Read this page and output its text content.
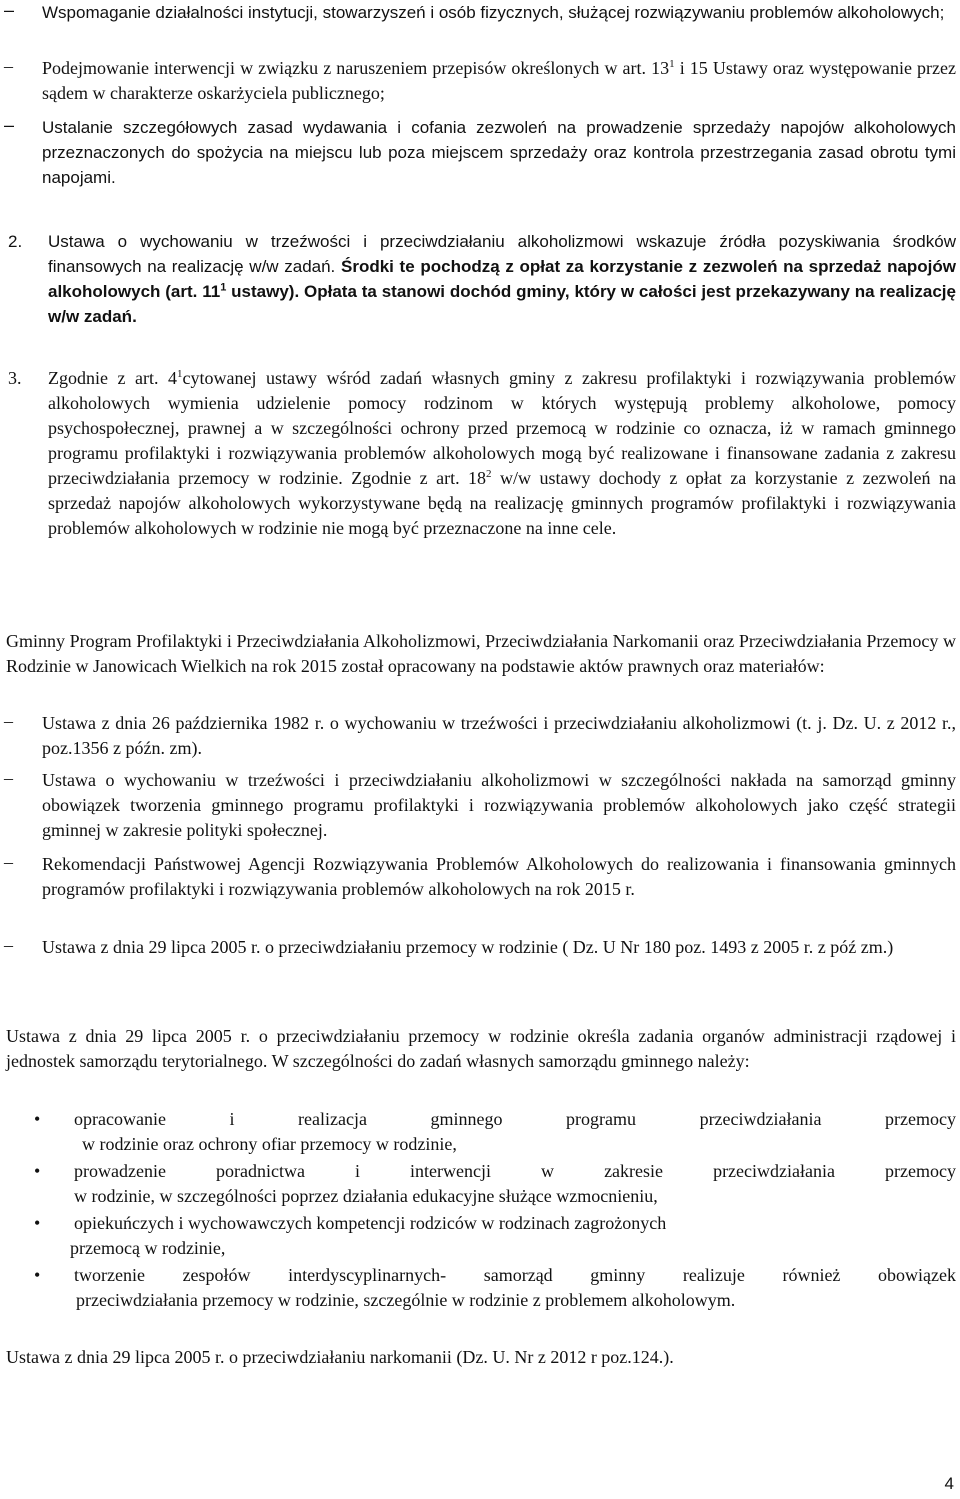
–	Wspomaganie działalności instytucji, stowarzyszeń i osób fizycznych, służącej rozwiązywaniu problemów alkoholowych;

–	Podejmowanie interwencji w związku z naruszeniem przepisów określonych w art. $13^1$ i 15 Ustawy oraz występowanie przez sądem w charakterze oskarżyciela publicznego;

–	Ustalanie szczegółowych zasad wydawania i cofania zezwoleń na prowadzenie sprzedaży napojów alkoholowych przeznaczonych do spożycia na miejscu lub poza miejscem sprzedaży oraz kontrola przestrzegania zasad obrotu tymi napojami.

2. Ustawa o wychowaniu w trzeźwości i przeciwdziałaniu alkoholizmowi wskazuje źródła pozyskiwania środków finansowych na realizację w/w zadań. Środki te pochodzą z opłat za korzystanie z zezwoleń na sprzedaż napojów alkoholowych (art. $11^1$ ustawy). Opłata ta stanowi dochód gminy, który w całości jest przekazywany na realizację w/w zadań.

3. Zgodnie z art. $4^1cytowanej$ ustawy wśród zadań własnych gminy z zakresu profilaktyki i rozwiązywania problemów alkoholowych wymienia udzielenie pomocy rodzinom w których występują problemy alkoholowe, pomocy psychospołecznej, prawnej a w szczególności ochrony przed przemocą w rodzinie co oznacza, iż w ramach gminnego programu profilaktyki i rozwiązywania problemów alkoholowych mogą być realizowane i finansowane zadania z zakresu przeciwdziałania przemocy w rodzinie. Zgodnie z art. $18^2$ w/w ustawy dochody z opłat za korzystanie z zezwoleń na sprzedaż napojów alkoholowych wykorzystywane będą na realizację gminnych programów profilaktyki i rozwiązywania problemów alkoholowych w rodzinie nie mogą być przeznaczone na inne cele.

Gminny Program Profilaktyki i Przeciwdziałania Alkoholizmowi, Przeciwdziałania Narkomanii oraz Przeciwdziałania Przemocy w Rodzinie w Janowicach Wielkich na rok 2015 został opracowany na podstawie aktów prawnych oraz materiałów:

–	Ustawa z dnia 26 października 1982 r. o wychowaniu w trzeźwości i przeciwdziałaniu alkoholizmowi (t. j. Dz. U. z 2012 r., poz.1356 z późn. zm).

–	Ustawa o wychowaniu w trzeźwości i przeciwdziałaniu alkoholizmowi w szczególności nakłada na samorząd gminny obowiązek tworzenia gminnego programu profilaktyki i rozwiązywania problemów alkoholowych jako część strategii gminnej w zakresie polityki społecznej.

–	Rekomendacji Państwowej Agencji Rozwiązywania Problemów Alkoholowych do realizowania i finansowania gminnych programów profilaktyki i rozwiązywania problemów alkoholowych na rok 2015 r.

–	Ustawa z dnia 29 lipca 2005 r. o przeciwdziałaniu przemocy w rodzinie ( Dz. U Nr 180 poz. 1493 z 2005 r. z póź zm.)

Ustawa z dnia 29 lipca 2005 r. o przeciwdziałaniu przemocy w rodzinie określa zadania organów administracji rządowej i jednostek samorządu terytorialnego. W szczególności do zadań własnych samorządu gminnego należy:

• opracowanie i realizacja gminnego programu przeciwdziałania przemocy

w rodzinie oraz ochrony ofiar przemocy w rodzinie,

• prowadzenie poradnictwa i interwencji w zakresie przeciwdziałania przemocy

w rodzinie, w szczególności poprzez działania edukacyjne służące wzmocnieniu,

• opiekuńczych i wychowawczych kompetencji rodziców w rodzinach zagrożonych

przemocą w rodzinie,

• tworzenie zespołów interdyscyplinarnych- samorząd gminny realizuje również obowiązek

przeciwdziałania przemocy w rodzinie, szczególnie w rodzinie z problemem alkoholowym.

Ustawa z dnia 29 lipca 2005 r. o przeciwdziałaniu narkomanii (Dz. U. Nr z 2012 r poz.124.).

4
